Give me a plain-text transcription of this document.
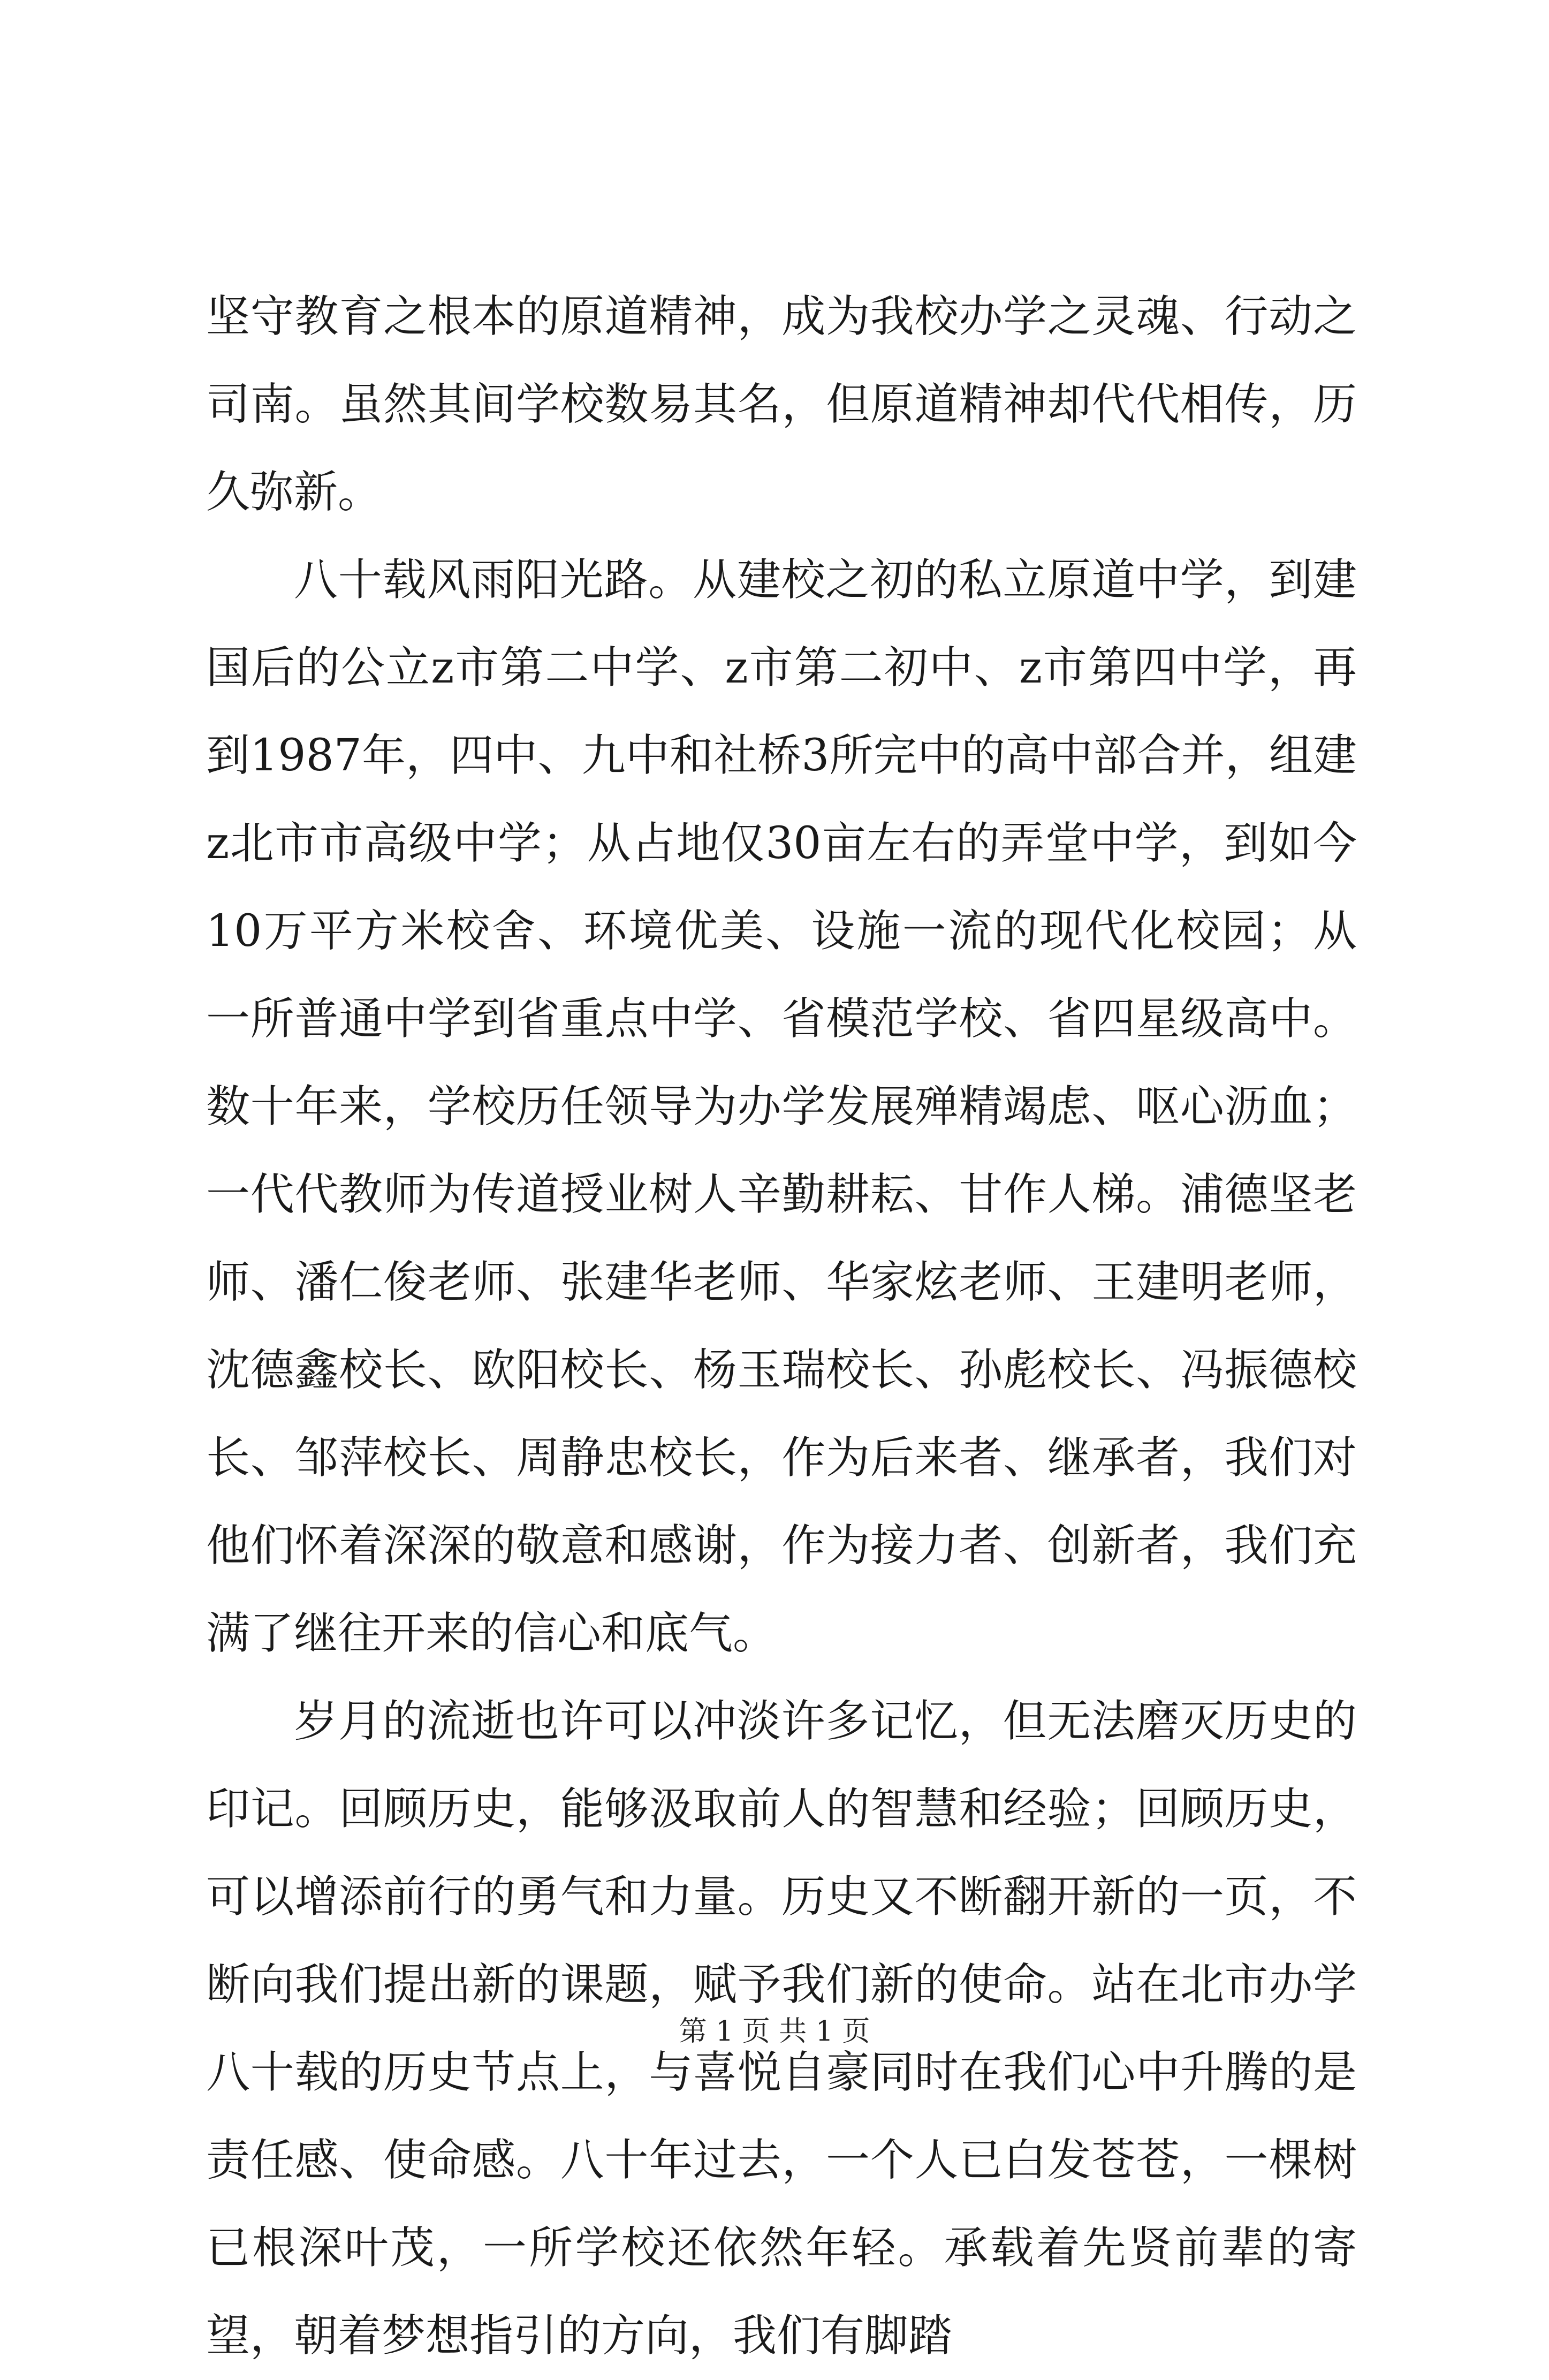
坚守教育之根本的原道精神，成为我校办学之灵魂、行动之司南。虽然其间学校数易其名，但原道精神却代代相传，历久弥新。

八十载风雨阳光路。从建校之初的私立原道中学，到建国后的公立z市第二中学、z市第二初中、z市第四中学，再到1987年，四中、九中和社桥3所完中的高中部合并，组建z北市市高级中学；从占地仅30亩左右的弄堂中学，到如今10万平方米校舍、环境优美、设施一流的现代化校园；从一所普通中学到省重点中学、省模范学校、省四星级高中。数十年来，学校历任领导为办学发展殚精竭虑、呕心沥血；一代代教师为传道授业树人辛勤耕耘、甘作人梯。浦德坚老师、潘仁俊老师、张建华老师、华家炫老师、王建明老师，沈德鑫校长、欧阳校长、杨玉瑞校长、孙彪校长、冯振德校长、邹萍校长、周静忠校长，作为后来者、继承者，我们对他们怀着深深的敬意和感谢，作为接力者、创新者，我们充满了继往开来的信心和底气。

岁月的流逝也许可以冲淡许多记忆，但无法磨灭历史的印记。回顾历史，能够汲取前人的智慧和经验；回顾历史，可以增添前行的勇气和力量。历史又不断翻开新的一页，不断向我们提出新的课题，赋予我们新的使命。站在北市办学八十载的历史节点上，与喜悦自豪同时在我们心中升腾的是责任感、使命感。八十年过去，一个人已白发苍苍，一棵树已根深叶茂，一所学校还依然年轻。承载着先贤前辈的寄望，朝着梦想指引的方向，我们有脚踏

第 1 页 共 1 页
